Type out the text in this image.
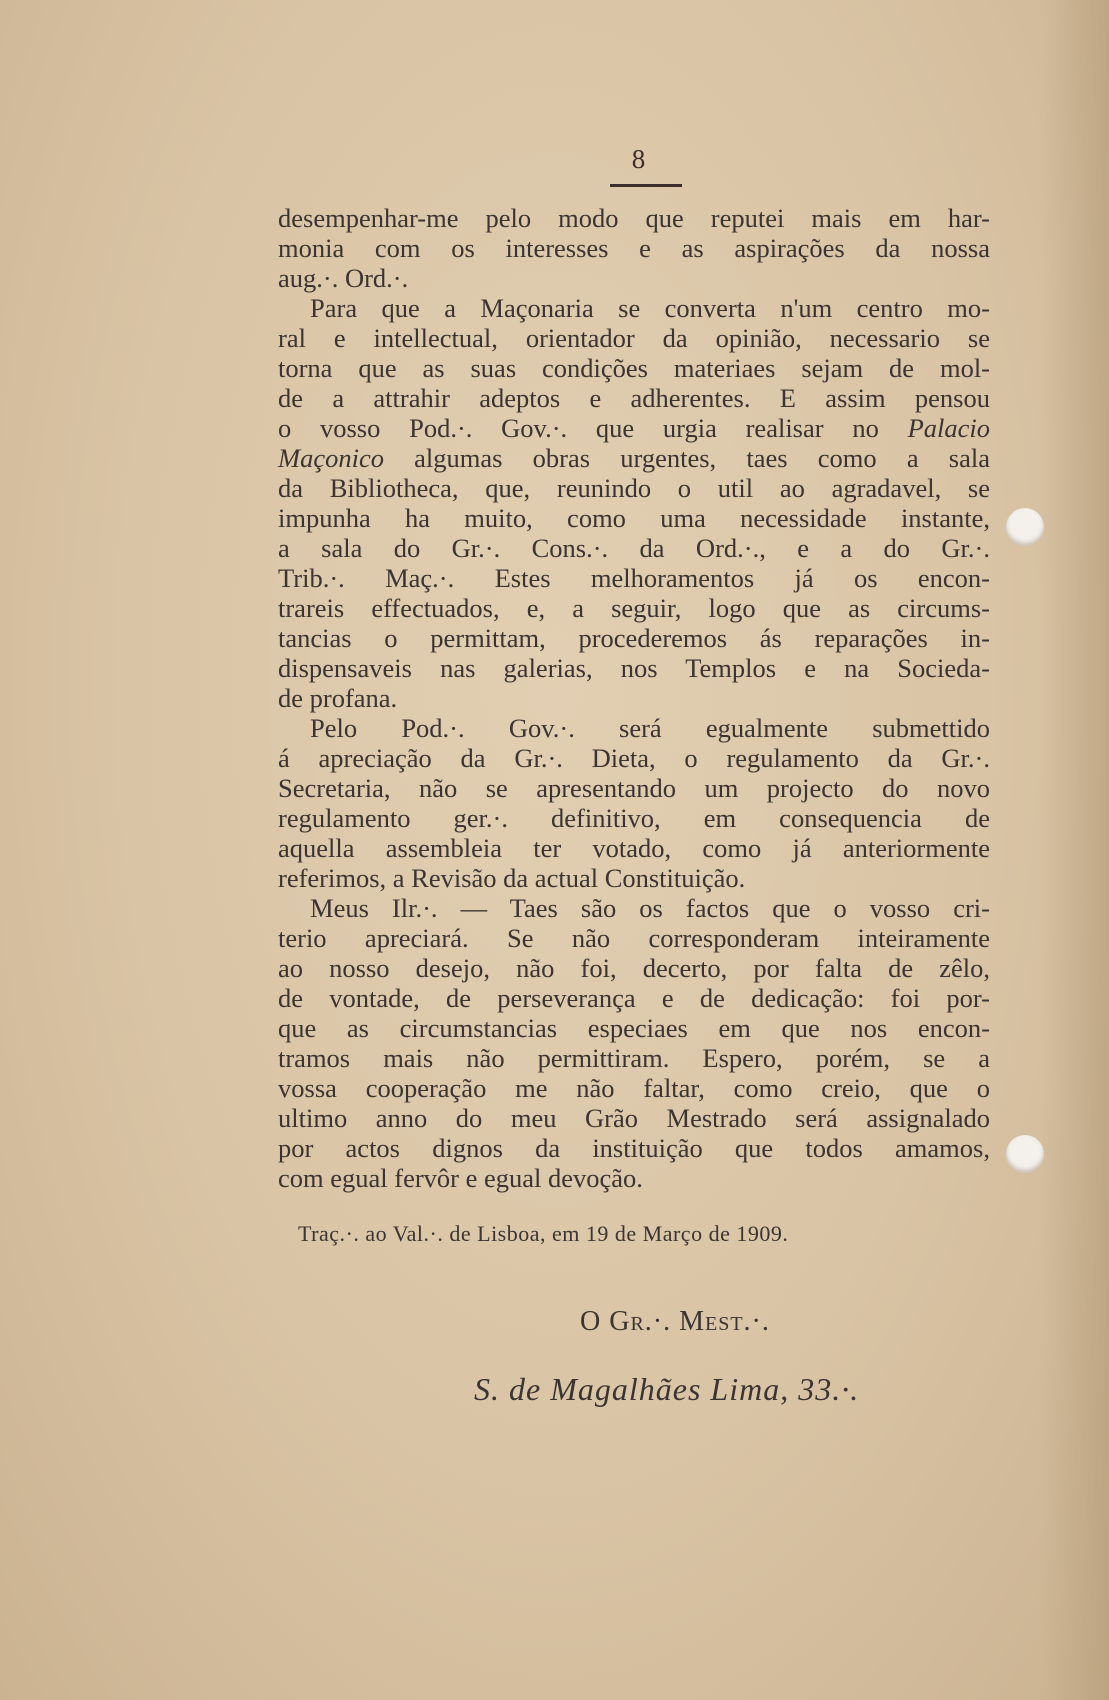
8
desempenhar-me pelo modo que reputei mais em har-
monia com os interesses e as aspirações da nossa
aug.·. Ord.·.
Para que a Maçonaria se converta n'um centro mo-
ral e intellectual, orientador da opinião, necessario se
torna que as suas condições materiaes sejam de mol-
de a attrahir adeptos e adherentes. E assim pensou
o vosso Pod.·. Gov.·. que urgia realisar no Palacio
Maçonico algumas obras urgentes, taes como a sala
da Bibliotheca, que, reunindo o util ao agradavel, se
impunha ha muito, como uma necessidade instante,
a sala do Gr.·. Cons.·. da Ord.·., e a do Gr.·.
Trib.·. Maç.·. Estes melhoramentos já os encon-
trareis effectuados, e, a seguir, logo que as circums-
tancias o permittam, procederemos ás reparações in-
dispensaveis nas galerias, nos Templos e na Socieda-
de profana.
Pelo Pod.·. Gov.·. será egualmente submettido
á apreciação da Gr.·. Dieta, o regulamento da Gr.·.
Secretaria, não se apresentando um projecto do novo
regulamento ger.·. definitivo, em consequencia de
aquella assembleia ter votado, como já anteriormente
referimos, a Revisão da actual Constituição.
Meus Ilr.·. — Taes são os factos que o vosso cri-
terio apreciará. Se não corresponderam inteiramente
ao nosso desejo, não foi, decerto, por falta de zêlo,
de vontade, de perseverança e de dedicação: foi por-
que as circumstancias especiaes em que nos encon-
tramos mais não permittiram. Espero, porém, se a
vossa cooperação me não faltar, como creio, que o
ultimo anno do meu Grão Mestrado será assignalado
por actos dignos da instituição que todos amamos,
com egual fervôr e egual devoção.
Traç.·. ao Val.·. de Lisboa, em 19 de Março de 1909.
O Gr.·. Mest.·.
S. de Magalhães Lima, 33.·.
